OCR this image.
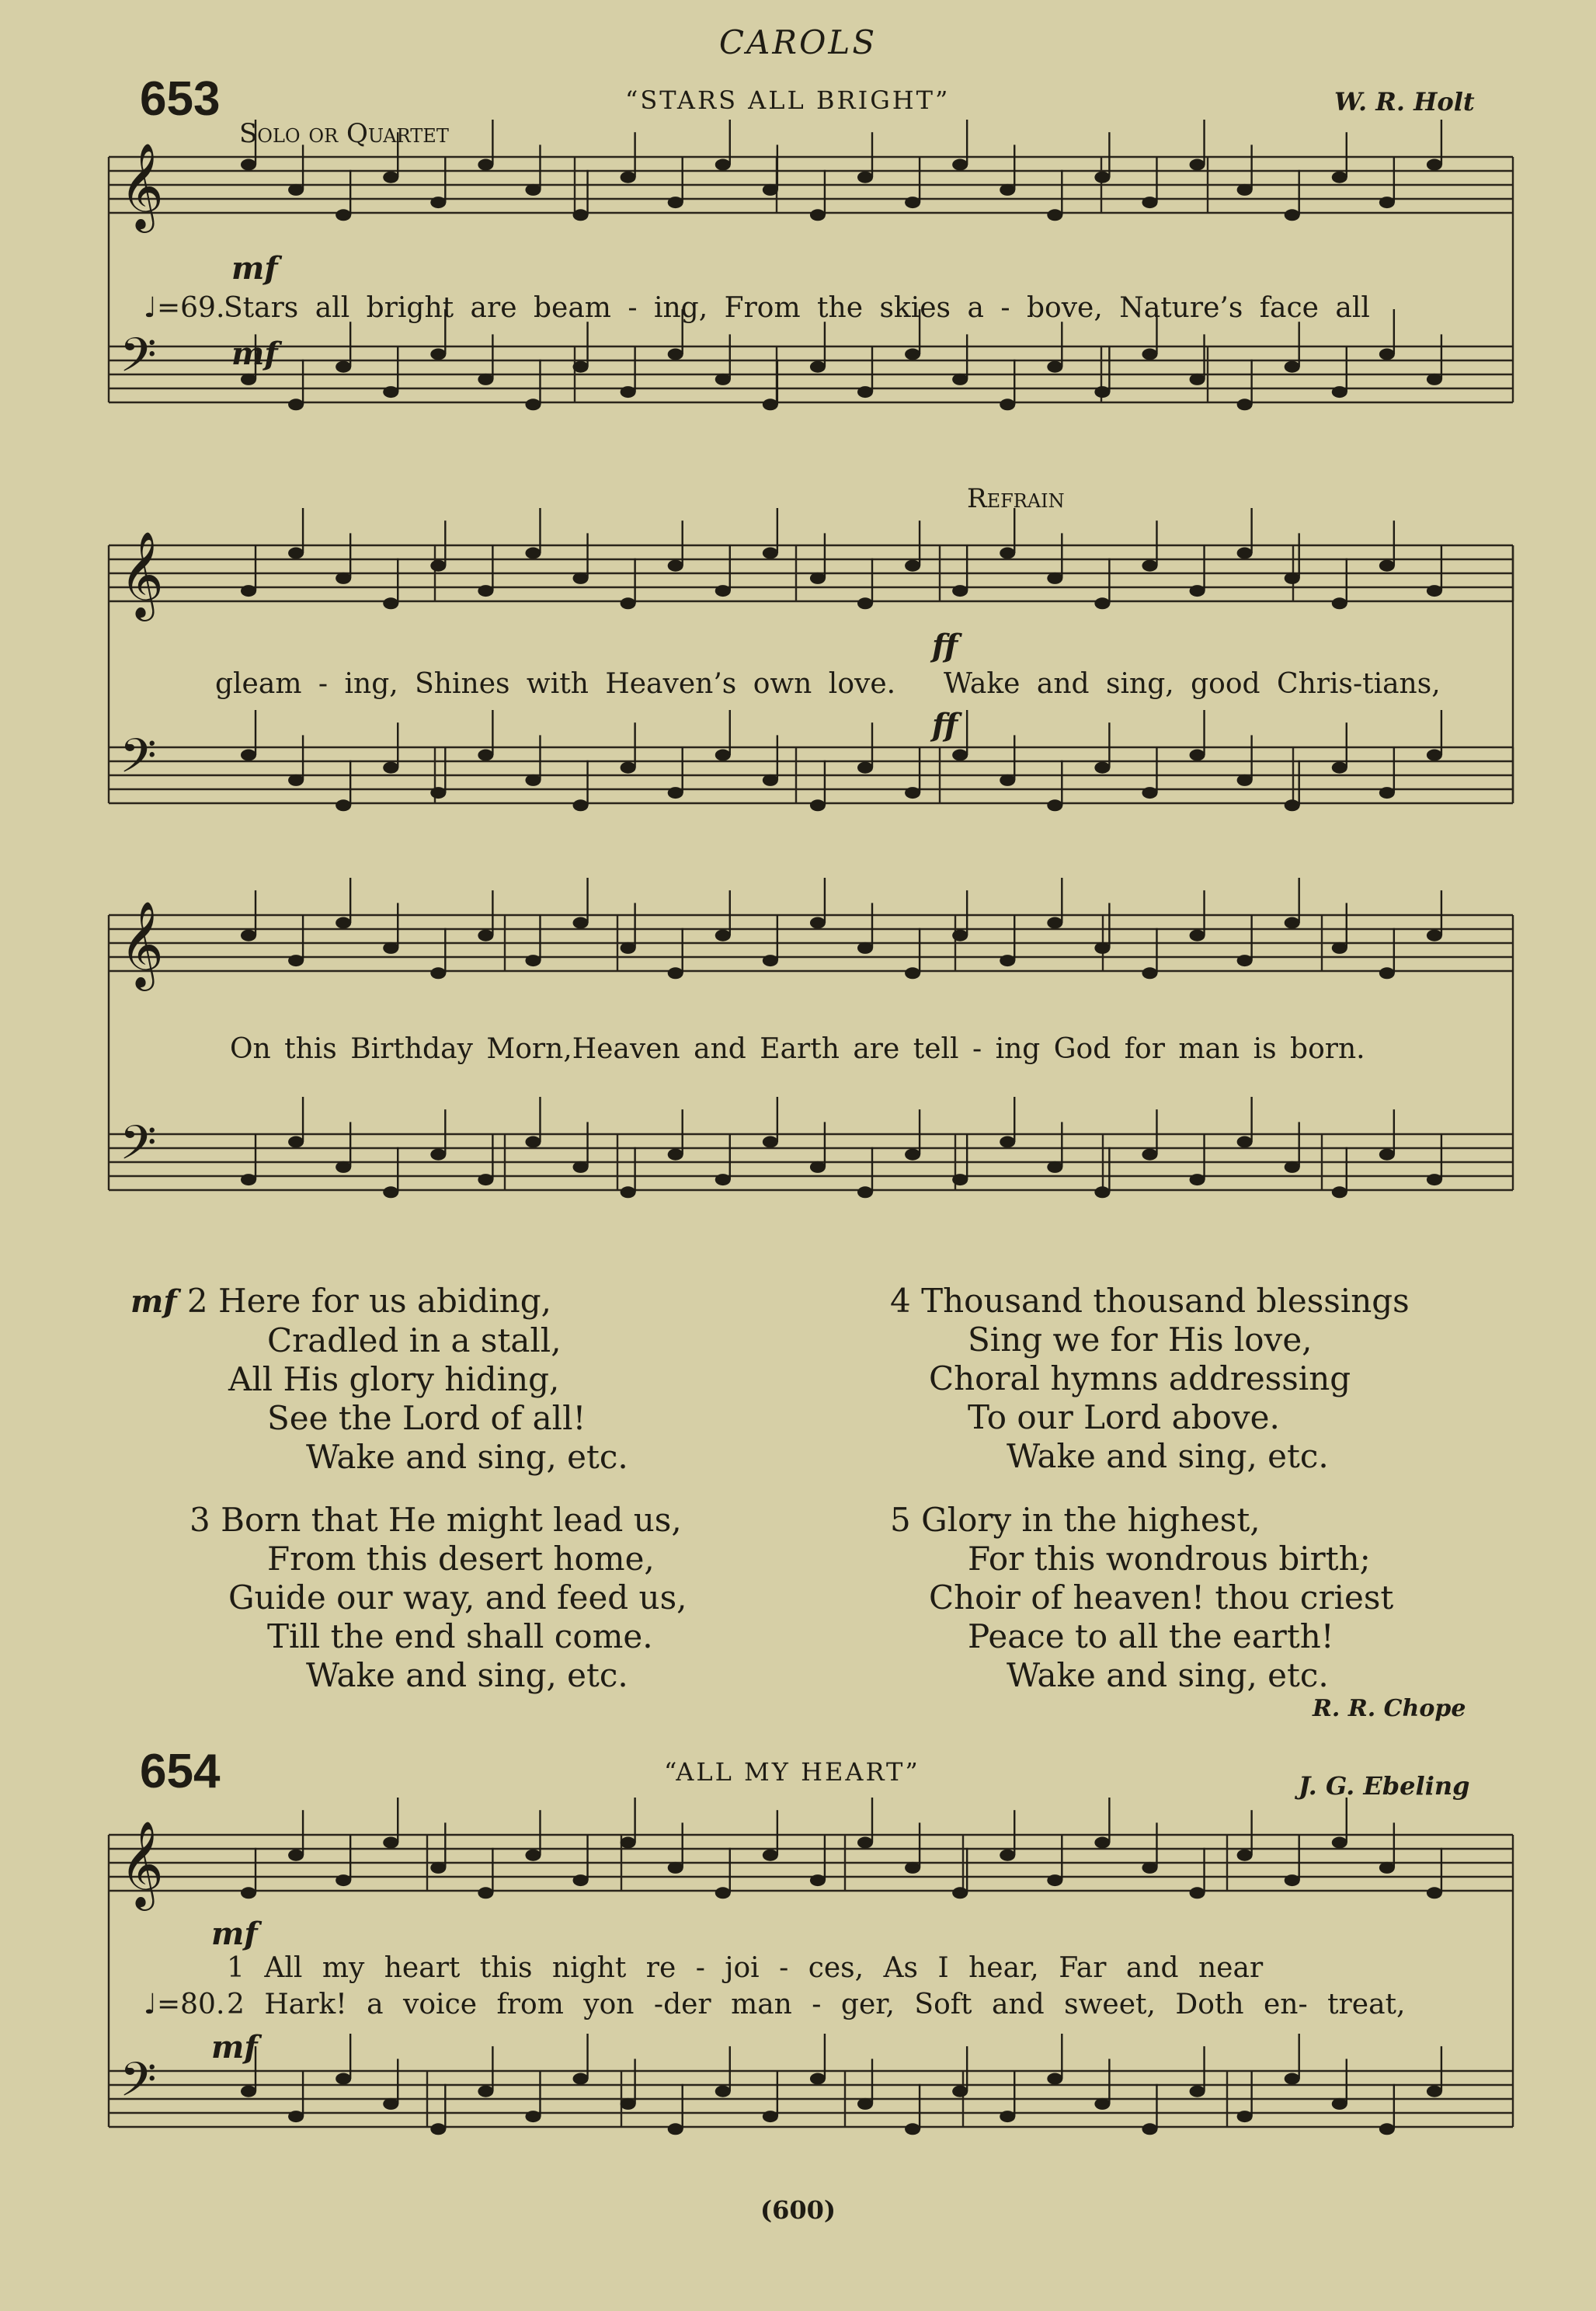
CAROLS
653	“STARS ALL BRIGHT”	W. R. Holt
Solo or Quartet
𝄞
𝄢
𝄞
𝄢
𝄞
𝄢
𝄞
𝄢
mf
♩=69.
Stars all bright are beam - ing, From the skies a - bove, Nature’s face all
mf
Refrain
gleam - ing, Shines with Heaven’s own love. Wake and sing, good Chris-tians,
ff
ff
On this Birthday Morn,Heaven and Earth are tell - ing God for man is born.
mf 2 Here for us abiding,
Cradled in a stall,
All His glory hiding,
See the Lord of all!
Wake and sing, etc.
3 Born that He might lead us,
From this desert home,
Guide our way, and feed us,
Till the end shall come.
Wake and sing, etc.
4 Thousand thousand blessings
Sing we for His love,
Choral hymns addressing
To our Lord above.
Wake and sing, etc.
5 Glory in the highest,
For this wondrous birth;
Choir of heaven! thou criest
Peace to all the earth!
Wake and sing, etc.
R. R. Chope
654	“ALL MY HEART”	J. G. Ebeling
mf
♩=80.
1 All my heart this night re - joi - ces, As I hear, Far and near
2 Hark! a voice from yon -der man - ger, Soft and sweet, Doth en- treat,
mf
(600)
